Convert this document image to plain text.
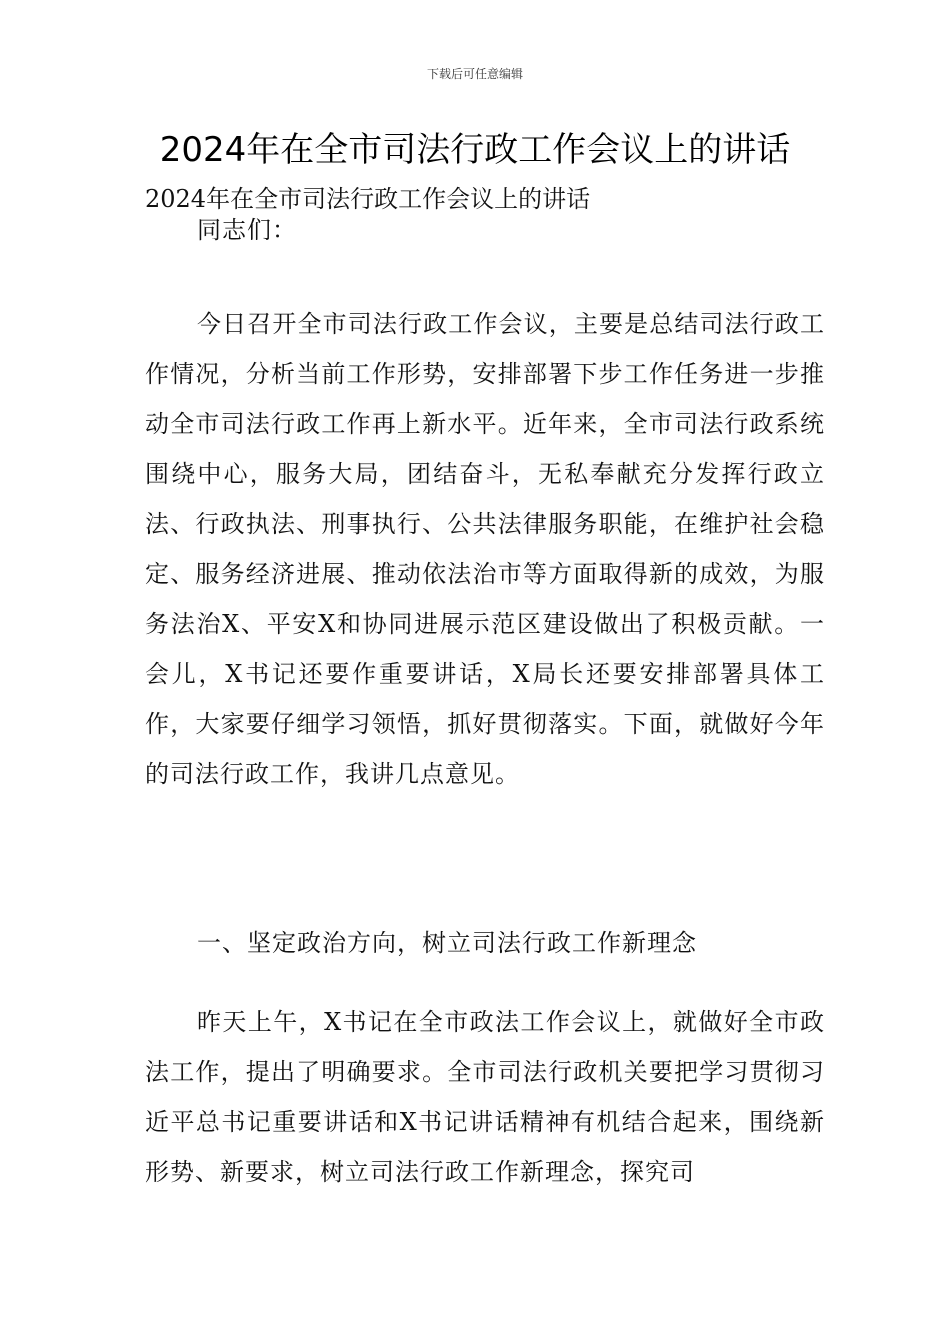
下载后可任意编辑
2024年在全市司法行政工作会议上的讲话

2024年在全市司法行政工作会议上的讲话

同志们：

今日召开全市司法行政工作会议，主要是总结司法行政工作情况，分析当前工作形势，安排部署下步工作任务进一步推动全市司法行政工作再上新水平。近年来，全市司法行政系统围绕中心，服务大局，团结奋斗，无私奉献充分发挥行政立法、行政执法、刑事执行、公共法律服务职能，在维护社会稳定、服务经济进展、推动依法治市等方面取得新的成效，为服务法治X、平安X和协同进展示范区建设做出了积极贡献。一会儿，X书记还要作重要讲话，X局长还要安排部署具体工作，大家要仔细学习领悟，抓好贯彻落实。下面，就做好今年的司法行政工作，我讲几点意见。

一、坚定政治方向，树立司法行政工作新理念

昨天上午，X书记在全市政法工作会议上，就做好全市政法工作，提出了明确要求。全市司法行政机关要把学习贯彻习近平总书记重要讲话和X书记讲话精神有机结合起来，围绕新形势、新要求，树立司法行政工作新理念，探究司
